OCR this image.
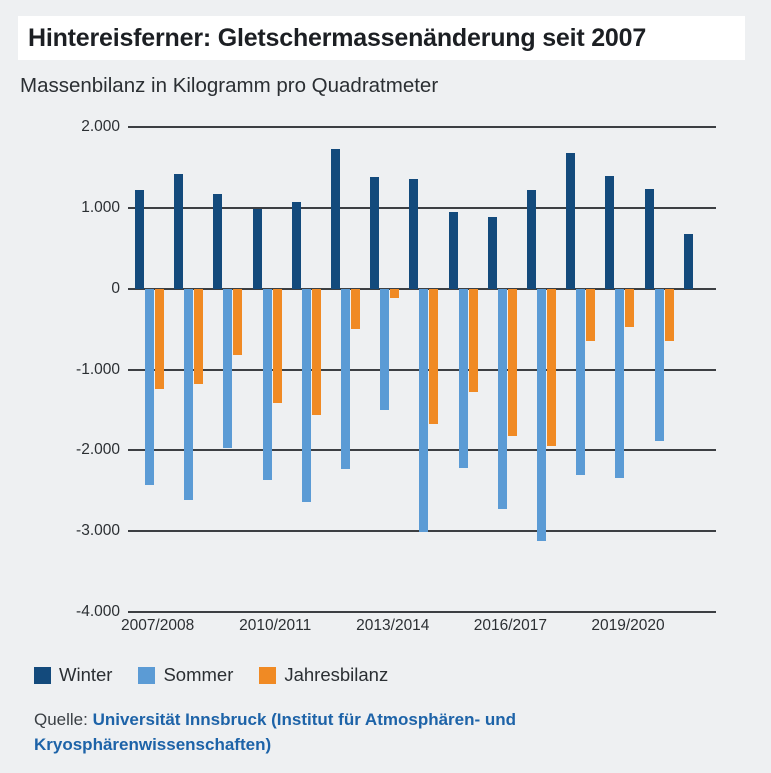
Hintereisferner: Gletschermassenänderung seit 2007
Massenbilanz in Kilogramm pro Quadratmeter
2.000
1.000
0
-1.000
-2.000
-3.000
-4.000
2007/2008	2010/2011	2013/2014	2016/2017	2019/2020
Winter	Sommer	Jahresbilanz
Quelle: Universität Innsbruck (Institut für Atmosphären- und Kryosphärenwissenschaften)
